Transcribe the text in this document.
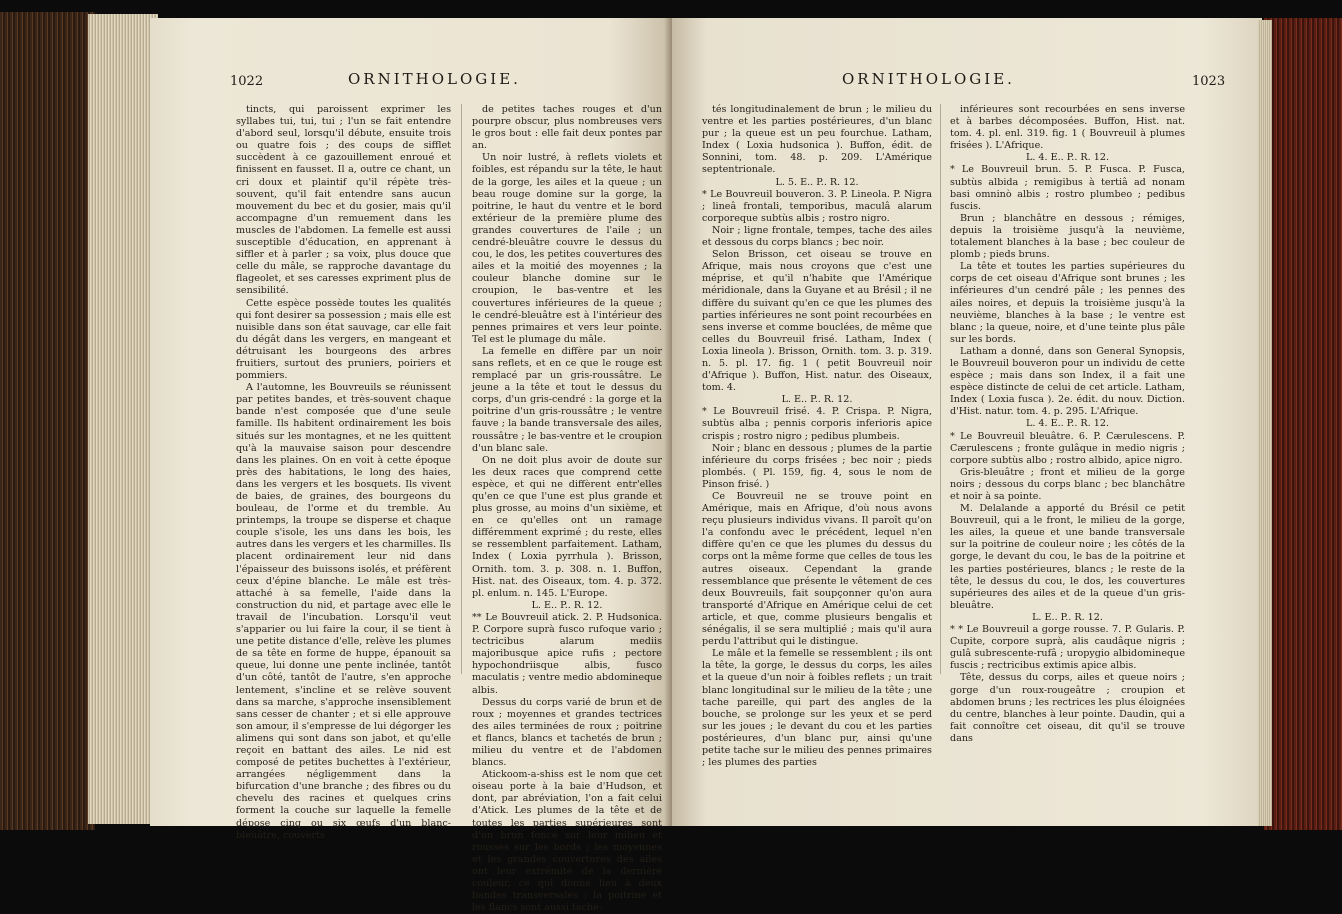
1022	ORNITHOLOGIE.

tincts, qui paroissent exprimer les syllabes tui, tui, tui ; l'un se fait entendre d'abord seul, lorsqu'il débute, ensuite trois ou quatre fois ; des coups de sifflet succèdent à ce gazouillement enroué et finissent en fausset. Il a, outre ce chant, un cri doux et plaintif qu'il répète très-souvent, qu'il fait entendre sans aucun mouvement du bec et du gosier, mais qu'il accompagne d'un remuement dans les muscles de l'abdomen. La femelle est aussi susceptible d'éducation, en apprenant à siffler et à parler ; sa voix, plus douce que celle du mâle, se rapproche davantage du flageolet, et ses caresses expriment plus de sensibilité.

Cette espèce possède toutes les qualités qui font desirer sa possession ; mais elle est nuisible dans son état sauvage, car elle fait du dégât dans les vergers, en mangeant et détruisant les bourgeons des arbres fruitiers, surtout des pruniers, poiriers et pommiers.

A l'automne, les Bouvreuils se réunissent par petites bandes, et très-souvent chaque bande n'est composée que d'une seule famille. Ils habitent ordinairement les bois situés sur les montagnes, et ne les quittent qu'à la mauvaise saison pour descendre dans les plaines. On en voit à cette époque près des habitations, le long des haies, dans les vergers et les bosquets. Ils vivent de baies, de graines, des bourgeons du bouleau, de l'orme et du tremble. Au printemps, la troupe se disperse et chaque couple s'isole, les uns dans les bois, les autres dans les vergers et les charmilles. Ils placent ordinairement leur nid dans l'épaisseur des buissons isolés, et préfèrent ceux d'épine blanche. Le mâle est très-attaché à sa femelle, l'aide dans la construction du nid, et partage avec elle le travail de l'incubation. Lorsqu'il veut s'apparier ou lui faire la cour, il se tient à une petite distance d'elle, relève les plumes de sa tête en forme de huppe, épanouit sa queue, lui donne une pente inclinée, tantôt d'un côté, tantôt de l'autre, s'en approche lentement, s'incline et se relève souvent dans sa marche, s'approche insensiblement sans cesser de chanter ; et si elle approuve son amour, il s'empresse de lui dégorger les alimens qui sont dans son jabot, et qu'elle reçoit en battant des ailes. Le nid est composé de petites buchettes à l'extérieur, arrangées négligemment dans la bifurcation d'une branche ; des fibres ou du chevelu des racines et quelques crins forment la couche sur laquelle la femelle dépose cinq ou six œufs d'un blanc-bleuâtre, couverts

de petites taches rouges et d'un pourpre obscur, plus nombreuses vers le gros bout : elle fait deux pontes par an.

Un noir lustré, à reflets violets et foibles, est répandu sur la tête, le haut de la gorge, les ailes et la queue ; un beau rouge domine sur la gorge, la poitrine, le haut du ventre et le bord extérieur de la première plume des grandes couvertures de l'aile ; un cendré-bleuâtre couvre le dessus du cou, le dos, les petites couvertures des ailes et la moitié des moyennes ; la couleur blanche domine sur le croupion, le bas-ventre et les couvertures inférieures de la queue ; le cendré-bleuâtre est à l'intérieur des pennes primaires et vers leur pointe. Tel est le plumage du mâle.

La femelle en diffère par un noir sans reflets, et en ce que le rouge est remplacé par un gris-roussâtre. Le jeune a la tête et tout le dessus du corps, d'un gris-cendré : la gorge et la poitrine d'un gris-roussâtre ; le ventre fauve ; la bande transversale des ailes, roussâtre ; le bas-ventre et le croupion d'un blanc sale.

On ne doit plus avoir de doute sur les deux races que comprend cette espèce, et qui ne diffèrent entr'elles qu'en ce que l'une est plus grande et plus grosse, au moins d'un sixième, et en ce qu'elles ont un ramage différemment exprimé ; du reste, elles se ressemblent parfaitement. Latham, Index ( Loxia pyrrhula ). Brisson, Ornith. tom. 3. p. 308. n. 1. Buffon, Hist. nat. des Oiseaux, tom. 4. p. 372. pl. enlum. n. 145. L'Europe.

L. E.. P.. R. 12.

** Le Bouvreuil atick. 2. P. Hudsonica. P. Corpore suprà fusco rufoque vario ; tectricibus alarum mediis majoribusque apice rufis ; pectore hypochondriisque albis, fusco maculatis ; ventre medio abdomineque albis.

Dessus du corps varié de brun et de roux ; moyennes et grandes tectrices des ailes terminées de roux ; poitrine et flancs, blancs et tachetés de brun ; milieu du ventre et de l'abdomen blancs.

Atickoom-a-shiss est le nom que cet oiseau porte à la baie d'Hudson, et dont, par abréviation, l'on a fait celui d'Atick. Les plumes de la tête et de toutes les parties supérieures sont d'un brun foncé sur leur milieu et rousses sur les bords ; les moyennes et les grandes couvertures des ailes ont leur extrémité de la dernière couleur, ce qui donne lieu à deux bandes transversales ; la poitrine et les flancs sont aussi tache-

ORNITHOLOGIE.	1023

tés longitudinalement de brun ; le milieu du ventre et les parties postérieures, d'un blanc pur ; la queue est un peu fourchue. Latham, Index ( Loxia hudsonica ). Buffon, édit. de Sonnini, tom. 48. p. 209. L'Amérique septentrionale.

L. 5. E.. P.. R. 12.

* Le Bouvreuil bouveron. 3. P. Lineola. P. Nigra ; lineâ frontali, temporibus, maculâ alarum corporeque subtùs albis ; rostro nigro.

Noir ; ligne frontale, tempes, tache des ailes et dessous du corps blancs ; bec noir.

Selon Brisson, cet oiseau se trouve en Afrique, mais nous croyons que c'est une méprise, et qu'il n'habite que l'Amérique méridionale, dans la Guyane et au Brésil ; il ne diffère du suivant qu'en ce que les plumes des parties inférieures ne sont point recourbées en sens inverse et comme bouclées, de même que celles du Bouvreuil frisé. Latham, Index ( Loxia lineola ). Brisson, Ornith. tom. 3. p. 319. n. 5. pl. 17. fig. 1 ( petit Bouvreuil noir d'Afrique ). Buffon, Hist. natur. des Oiseaux, tom. 4.

L. E.. P.. R. 12.

* Le Bouvreuil frisé. 4. P. Crispa. P. Nigra, subtùs alba ; pennis corporis inferioris apice crispis ; rostro nigro ; pedibus plumbeis.

Noir ; blanc en dessous ; plumes de la partie inférieure du corps frisées ; bec noir ; pieds plombés. ( Pl. 159, fig. 4, sous le nom de Pinson frisé. )

Ce Bouvreuil ne se trouve point en Amérique, mais en Afrique, d'où nous avons reçu plusieurs individus vivans. Il paroît qu'on l'a confondu avec le précédent, lequel n'en diffère qu'en ce que les plumes du dessus du corps ont la même forme que celles de tous les autres oiseaux. Cependant la grande ressemblance que présente le vêtement de ces deux Bouvreuils, fait soupçonner qu'on aura transporté d'Afrique en Amérique celui de cet article, et que, comme plusieurs bengalis et sénégalis, il se sera multiplié ; mais qu'il aura perdu l'attribut qui le distingue.

Le mâle et la femelle se ressemblent ; ils ont la tête, la gorge, le dessus du corps, les ailes et la queue d'un noir à foibles reflets ; un trait blanc longitudinal sur le milieu de la tête ; une tache pareille, qui part des angles de la bouche, se prolonge sur les yeux et se perd sur les joues ; le devant du cou et les parties postérieures, d'un blanc pur, ainsi qu'une petite tache sur le milieu des pennes primaires ; les plumes des parties

inférieures sont recourbées en sens inverse et à barbes décomposées. Buffon, Hist. nat. tom. 4. pl. enl. 319. fig. 1 ( Bouvreuil à plumes frisées ). L'Afrique.

L. 4. E.. P.. R. 12.

* Le Bouvreuil brun. 5. P. Fusca. P. Fusca, subtùs albida ; remigibus à tertiâ ad nonam basi omninò albis ; rostro plumbeo ; pedibus fuscis.

Brun ; blanchâtre en dessous ; rémiges, depuis la troisième jusqu'à la neuvième, totalement blanches à la base ; bec couleur de plomb ; pieds bruns.

La tête et toutes les parties supérieures du corps de cet oiseau d'Afrique sont brunes ; les inférieures d'un cendré pâle ; les pennes des ailes noires, et depuis la troisième jusqu'à la neuvième, blanches à la base ; le ventre est blanc ; la queue, noire, et d'une teinte plus pâle sur les bords.

Latham a donné, dans son General Synopsis, le Bouvreuil bouveron pour un individu de cette espèce ; mais dans son Index, il a fait une espèce distincte de celui de cet article. Latham, Index ( Loxia fusca ). 2e. édit. du nouv. Diction. d'Hist. natur. tom. 4. p. 295. L'Afrique.

L. 4. E.. P.. R. 12.

* Le Bouvreuil bleuâtre. 6. P. Cærulescens. P. Cærulescens ; fronte gulâque in medio nigris ; corpore subtùs albo ; rostro albido, apice nigro.

Gris-bleuâtre ; front et milieu de la gorge noirs ; dessous du corps blanc ; bec blanchâtre et noir à sa pointe.

M. Delalande a apporté du Brésil ce petit Bouvreuil, qui a le front, le milieu de la gorge, les ailes, la queue et une bande transversale sur la poitrine de couleur noire ; les côtés de la gorge, le devant du cou, le bas de la poitrine et les parties postérieures, blancs ; le reste de la tête, le dessus du cou, le dos, les couvertures supérieures des ailes et de la queue d'un gris-bleuâtre.

L. E.. P.. R. 12.

* * Le Bouvreuil a gorge rousse. 7. P. Gularis. P. Cupite, corpore suprà, alis caudâque nigris ; gulâ subrescente-rufâ ; uropygio albidomineque fuscis ; rectricibus extimis apice albis.

Tête, dessus du corps, ailes et queue noirs ; gorge d'un roux-rougeâtre ; croupion et abdomen bruns ; les rectrices les plus éloignées du centre, blanches à leur pointe. Daudin, qui a fait connoître cet oiseau, dit qu'il se trouve dans
